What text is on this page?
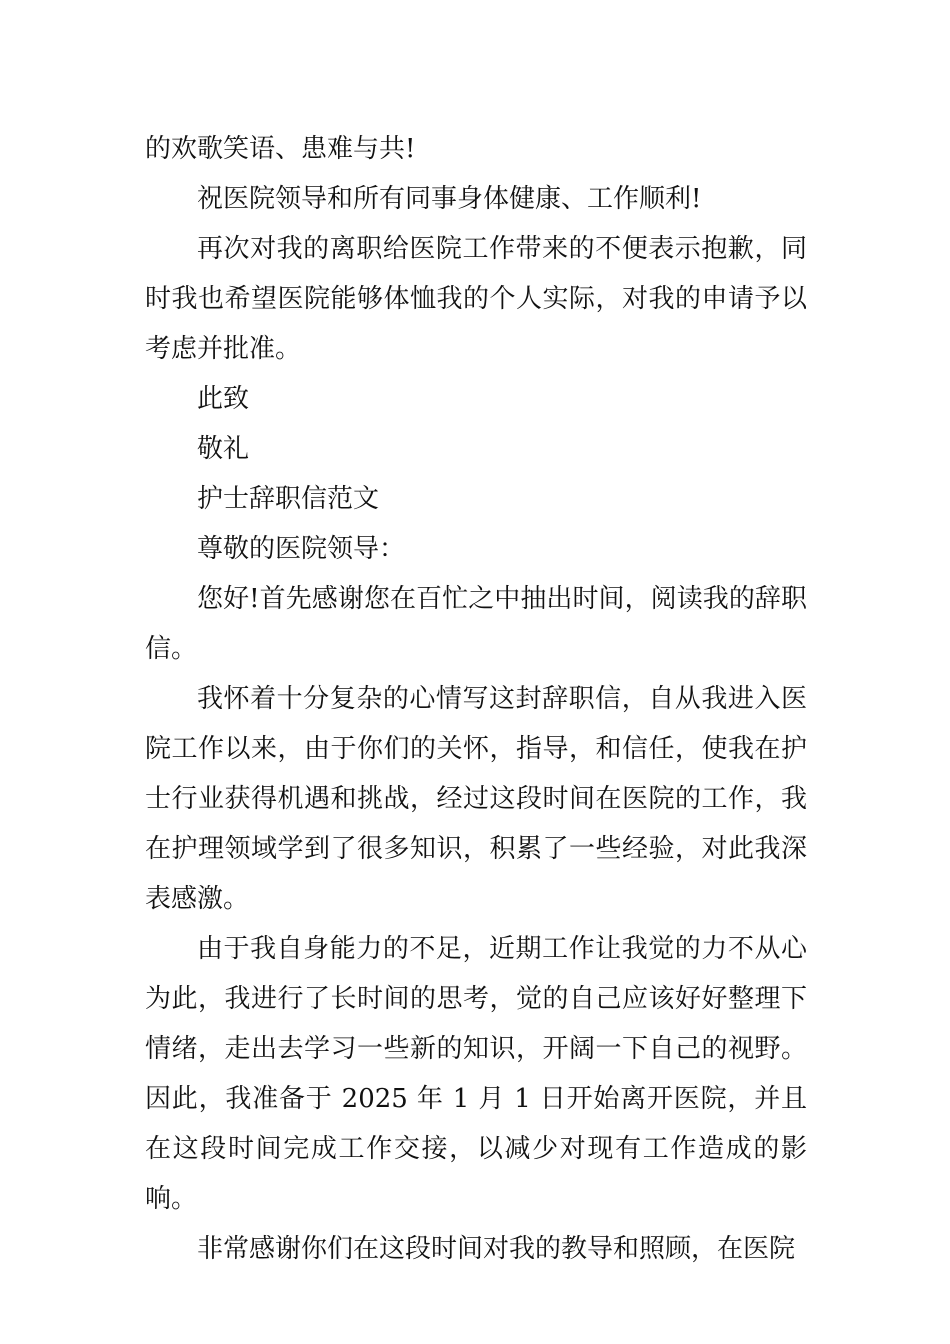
的欢歌笑语、患难与共!

祝医院领导和所有同事身体健康、工作顺利!

再次对我的离职给医院工作带来的不便表示抱歉，同时我也希望医院能够体恤我的个人实际，对我的申请予以考虑并批准。

此致

敬礼

护士辞职信范文

尊敬的医院领导：

您好!首先感谢您在百忙之中抽出时间，阅读我的辞职信。

我怀着十分复杂的心情写这封辞职信，自从我进入医院工作以来，由于你们的关怀，指导，和信任，使我在护士行业获得机遇和挑战，经过这段时间在医院的工作，我在护理领域学到了很多知识，积累了一些经验，对此我深表感激。

由于我自身能力的不足，近期工作让我觉的力不从心为此，我进行了长时间的思考，觉的自己应该好好整理下情绪，走出去学习一些新的知识，开阔一下自己的视野。因此，我准备于 2025 年 1 月 1 日开始离开医院，并且在这段时间完成工作交接，以减少对现有工作造成的影响。

非常感谢你们在这段时间对我的教导和照顾，在医院
